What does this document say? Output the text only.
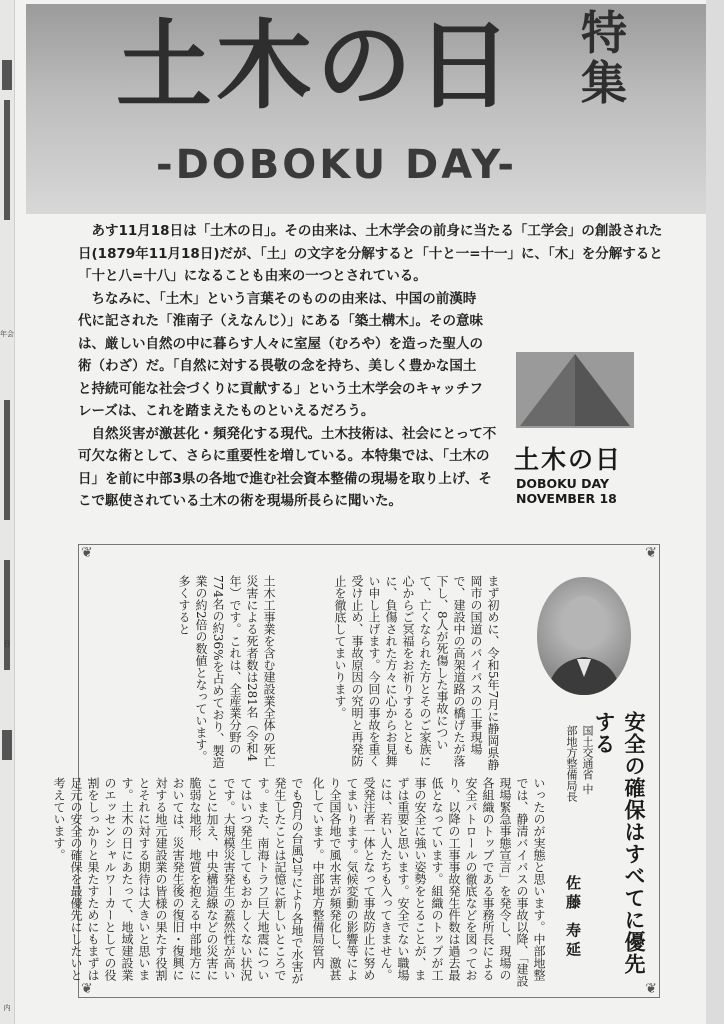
年会
日
内
土木の日 特集
-DOBOKU DAY-

あす11月18日は「土木の日」。その由来は、土木学会の前身に当たる「工学会」の創設された日(1879年11月18日)だが、「土」の文字を分解すると「十と一=十一」に、「木」を分解すると「十と八=十八」になることも由来の一つとされている。

ちなみに、「土木」という言葉そのものの由来は、中国の前漢時代に記された「淮南子（えなんじ）」にある「築土構木」。その意味は、厳しい自然の中に暮らす人々に室屋（むろや）を造った聖人の術（わざ）だ。「自然に対する畏敬の念を持ち、美しく豊かな国土と持続可能な社会づくりに貢献する」という土木学会のキャッチフレーズは、これを踏まえたものといえるだろう。

自然災害が激甚化・頻発化する現代。土木技術は、社会にとって不可欠な術として、さらに重要性を増している。本特集では、「土木の日」を前に中部3県の各地で進む社会資本整備の現場を取り上げ、そこで駆使されている土木の術を現場所長らに聞いた。

土木の日
DOBOKU DAY
NOVEMBER 18
❦	❦
❦	❦
安全の確保はすべてに優先する
国土交通省 中部地方整備局長
佐藤 寿延

まず初めに、令和5年7月に静岡県静岡市の国道のバイパスの工事現場で、建設中の高架道路の橋げたが落下し、8人が死傷した事故について、亡くなられた方とそのご家族に心からご冥福をお祈りするとともに、負傷された方々に心からお見舞い申し上げます。今回の事故を重く受け止め、事故原因の究明と再発防止を徹底してまいります。

土木工事業を含む建設業全体の死亡災害による死者数は281名（令和4年）です。これは、全産業分野の774名の約36%を占めており、製造業の約2倍の数値となっています。多くすると

いったのが実態と思います。中部地整では、静清バイパスの事故以降、「建設現場緊急事態宣言」を発令し、現場の各組織のトップである事務所長による安全パトロールの徹底などを図っており、以降の工事事故発生件数は過去最低となっています。組織のトップが工事の安全に強い姿勢をとることが、まずは重要と思います。安全でない職場には、若い人たちも入ってきません。受発注者一体となって事故防止に努めてまいります。気候変動の影響等により全国各地で風水害が頻発化し、激甚化しています。中部地方整備局管内

でも6月の台風2号により各地で水害が発生したことは記憶に新しいところです。また、南海トラフ巨大地震についてはいつ発生してもおかしくない状況です。大規模災害発生の蓋然性が高いことに加え、中央構造線などの災害に脆弱な地形、地質を抱える中部地方においては、災害発生後の復旧・復興に対する地元建設業の皆様の果たす役割とそれに対する期待は大きいと思います。土木の日にあたって、地域建設業のエッセンシャルワーカーとしての役割をしっかりと果たすためにもまずは足元の安全の確保を最優先にしたいと考えています。
